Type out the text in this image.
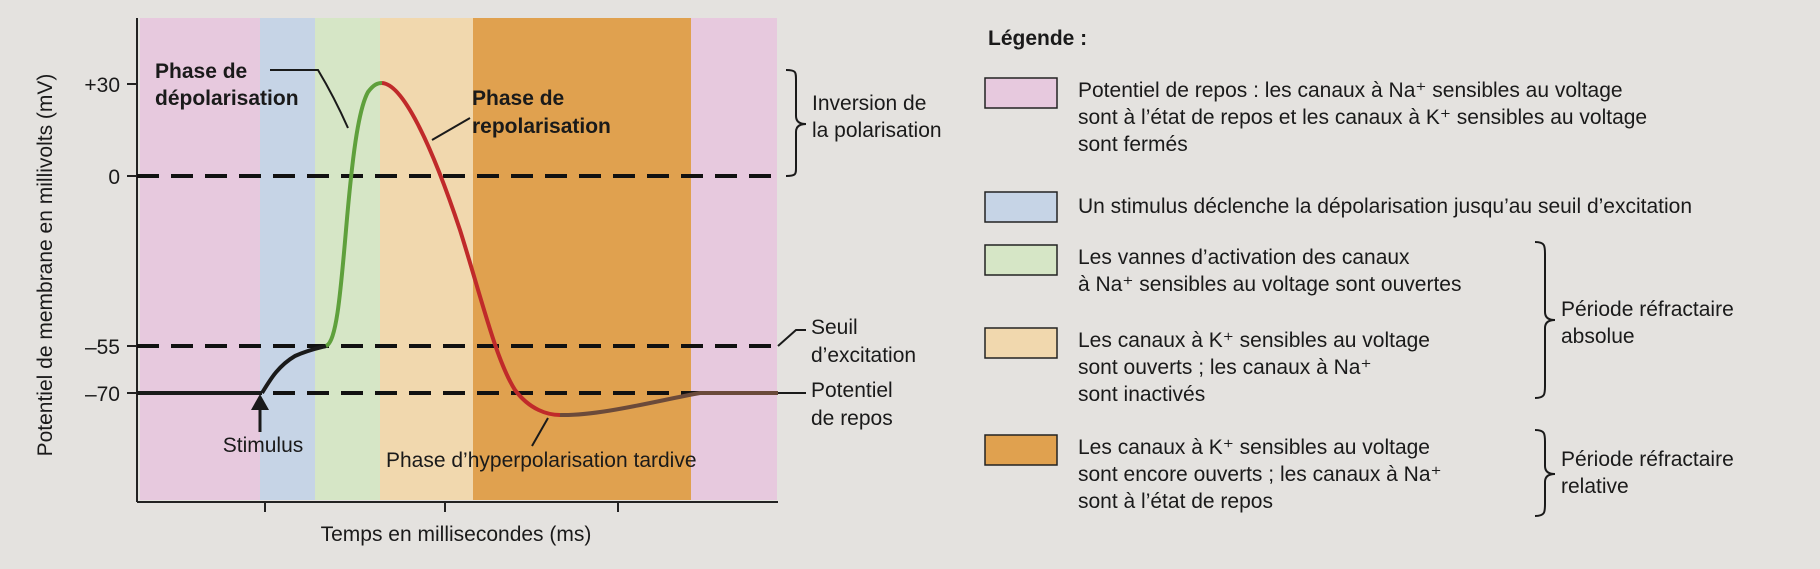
+30
0
–55
–70
Potentiel de membrane en millivolts (mV)
Temps en millisecondes (ms)
Phase de
dépolarisation	Phase de
repolarisation
Inversion de
la polarisation
Seuil
d’excitation
Potentiel
de repos
Stimulus
Phase d’hyperpolarisation tardive
Légende :
Potentiel de repos : les canaux à Na⁺ sensibles au voltage
sont à l’état de repos et les canaux à K⁺ sensibles au voltage
sont fermés
Un stimulus déclenche la dépolarisation jusqu’au seuil d’excitation
Les vannes d’activation des canaux
à Na⁺ sensibles au voltage sont ouvertes
Les canaux à K⁺ sensibles au voltage
sont ouverts ; les canaux à Na⁺
sont inactivés
Les canaux à K⁺ sensibles au voltage
sont encore ouverts ; les canaux à Na⁺
sont à l’état de repos
Période réfractaire
absolue
Période réfractaire
relative
